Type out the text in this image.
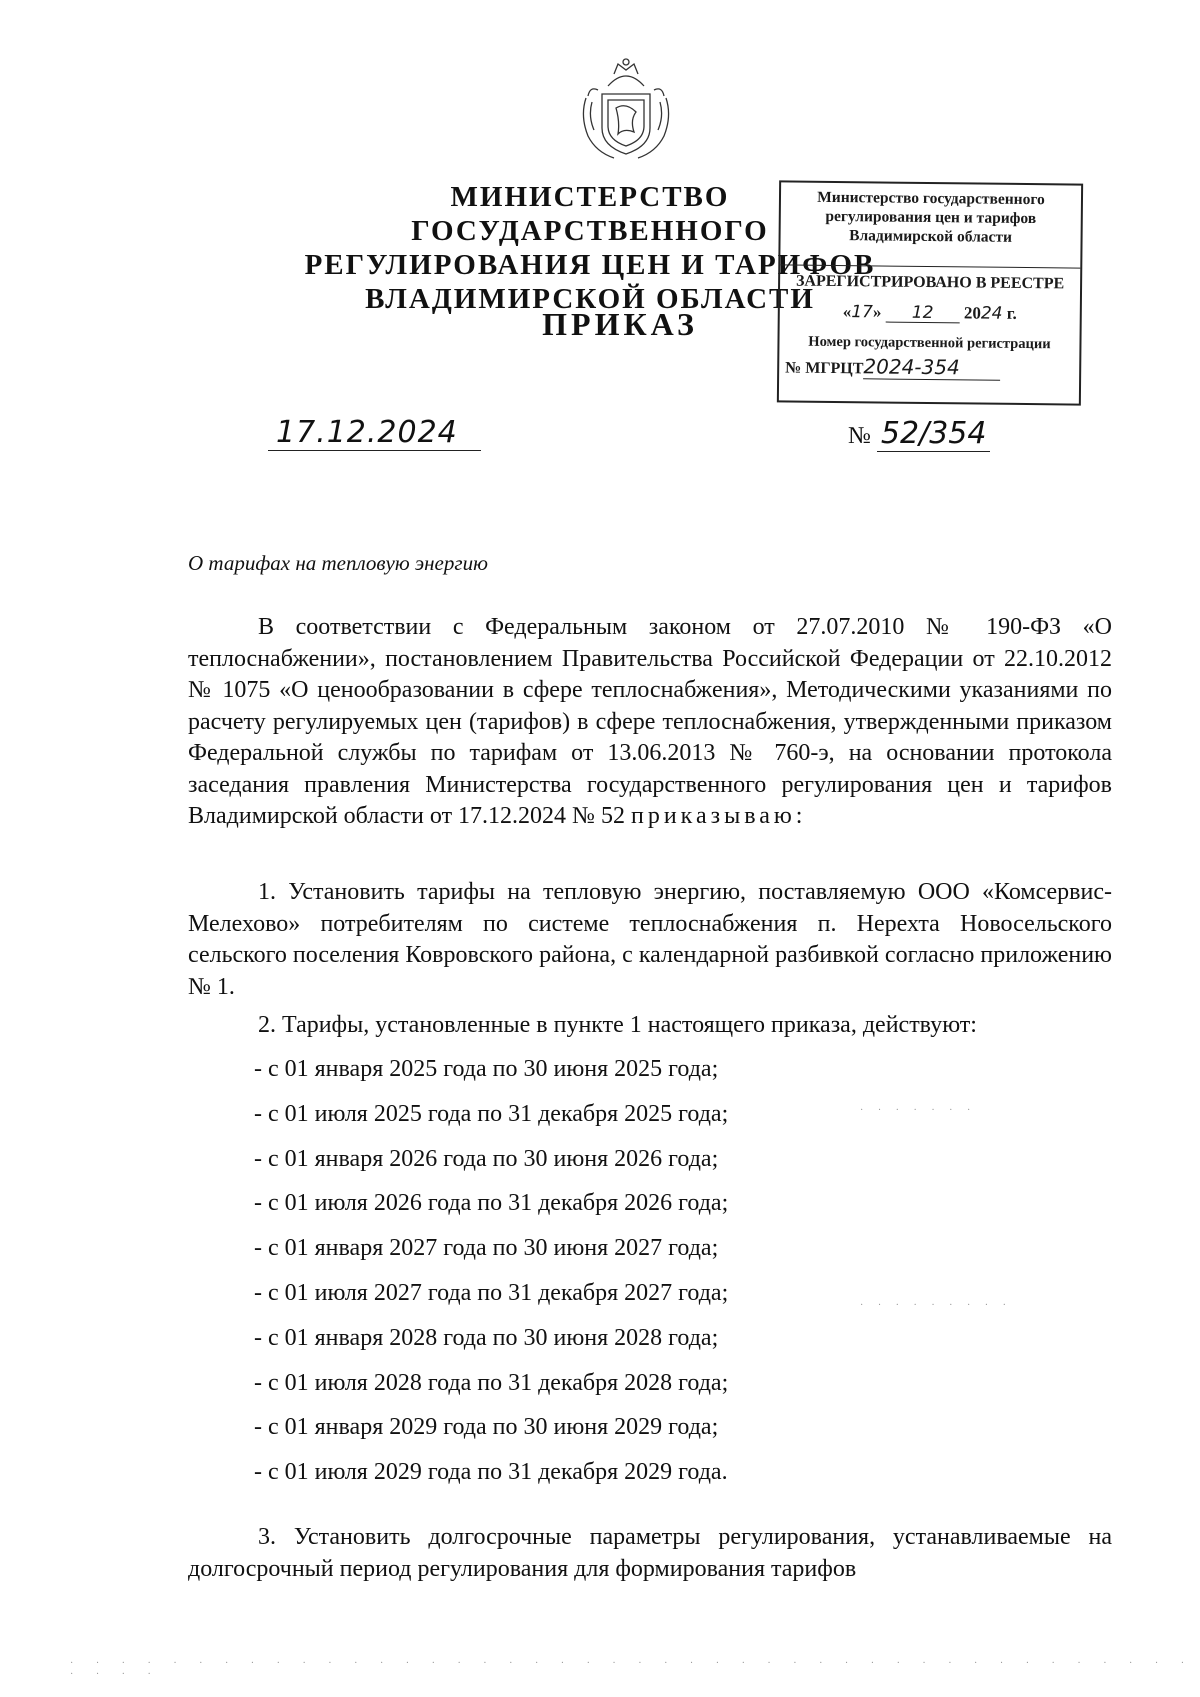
МИНИСТЕРСТВО ГОСУДАРСТВЕННОГО
РЕГУЛИРОВАНИЯ ЦЕН И ТАРИФОВ
ВЛАДИМИРСКОЙ ОБЛАСТИ
ПРИКАЗ
Министерство государственного
регулирования цен и тарифов
Владимирской области
ЗАРЕГИСТРИРОВАНО В РЕЕСТРЕ
«17» 12 2024 г.
Номер государственной регистрации
№ МГРЦТ2024-354
17.12.2024	№ 52/354
О тарифах на тепловую энергию
В соответствии с Федеральным законом от 27.07.2010 № 190-ФЗ «О теплоснабжении», постановлением Правительства Российской Федерации от 22.10.2012 № 1075 «О ценообразовании в сфере теплоснабжения», Методическими указаниями по расчету регулируемых цен (тарифов) в сфере теплоснабжения, утвержденными приказом Федеральной службы по тарифам от 13.06.2013 № 760-э, на основании протокола заседания правления Министерства государственного регулирования цен и тарифов Владимирской области от 17.12.2024 № 52 приказываю:
1. Установить тарифы на тепловую энергию, поставляемую ООО «Комсервис-Мелехово» потребителям по системе теплоснабжения п. Нерехта Новосельского сельского поселения Ковровского района, с календарной разбивкой согласно приложению № 1.
2. Тарифы, установленные в пункте 1 настоящего приказа, действуют:
- с 01 января 2025 года по 30 июня 2025 года;
- с 01 июля 2025 года по 31 декабря 2025 года;
- с 01 января 2026 года по 30 июня 2026 года;
- с 01 июля 2026 года по 31 декабря 2026 года;
- с 01 января 2027 года по 30 июня 2027 года;
- с 01 июля 2027 года по 31 декабря 2027 года;
- с 01 января 2028 года по 30 июня 2028 года;
- с 01 июля 2028 года по 31 декабря 2028 года;
- с 01 января 2029 года по 30 июня 2029 года;
- с 01 июля 2029 года по 31 декабря 2029 года.
3. Установить долгосрочные параметры регулирования, устанавливаемые на долгосрочный период регулирования для формирования тарифов
· · · · · · ·
· · · · · · · · ·
· · · · · · · · · · · · · · · · · · · · · · · · · · · · · · · · · · · · · · · · · · · · · · · ·
